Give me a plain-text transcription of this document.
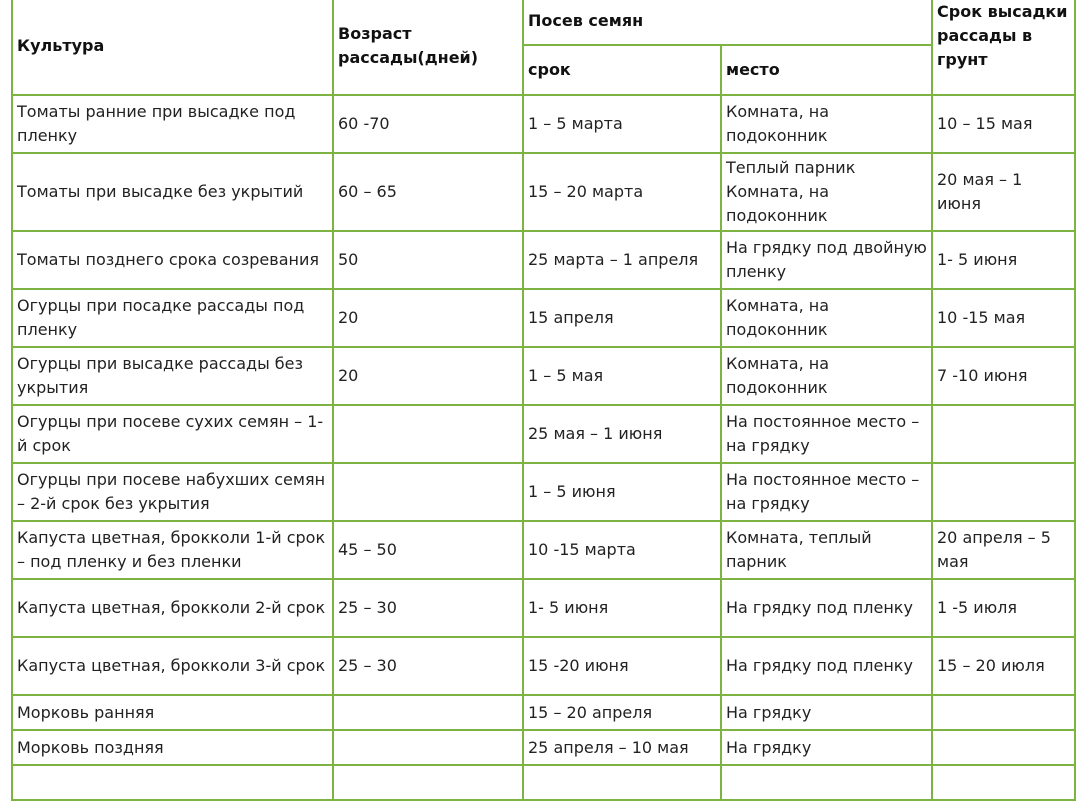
Культура	Возраст рассады(дней)	Посев семян		Срок высадки рассады в грунт
		срок	место	
Томаты ранние при высадке под пленку	60 -70	1 – 5 марта	Комната, на подоконник	10 – 15 мая
Томаты при высадке без укрытий	60 – 65	15 – 20 марта	Теплый парник Комната, на подоконник	20 мая – 1 июня
Томаты позднего срока созревания	50	25 марта – 1 апреля	На грядку под двойную пленку	1- 5 июня
Огурцы при посадке рассады под пленку	20	15 апреля	Комната, на подоконник	10 -15 мая
Огурцы при высадке рассады без укрытия	20	1 – 5 мая	Комната, на подоконник	7 -10 июня
Огурцы при посеве сухих семян – 1-й срок		25 мая – 1 июня	На постоянное место – на грядку	
Огурцы при посеве набухших семян – 2-й срок без укрытия		1 – 5 июня	На постоянное место – на грядку	
Капуста цветная, брокколи 1-й срок – под пленку и без пленки	45 – 50	10 -15 марта	Комната, теплый парник	20 апреля – 5 мая
Капуста цветная, брокколи 2-й срок	25 – 30	1- 5 июня	На грядку под пленку	1 -5 июля
Капуста цветная, брокколи 3-й срок	25 – 30	15 -20 июня	На грядку под пленку	15 – 20 июля
Морковь ранняя		15 – 20 апреля	На грядку	
Морковь поздняя		25 апреля – 10 мая	На грядку	
